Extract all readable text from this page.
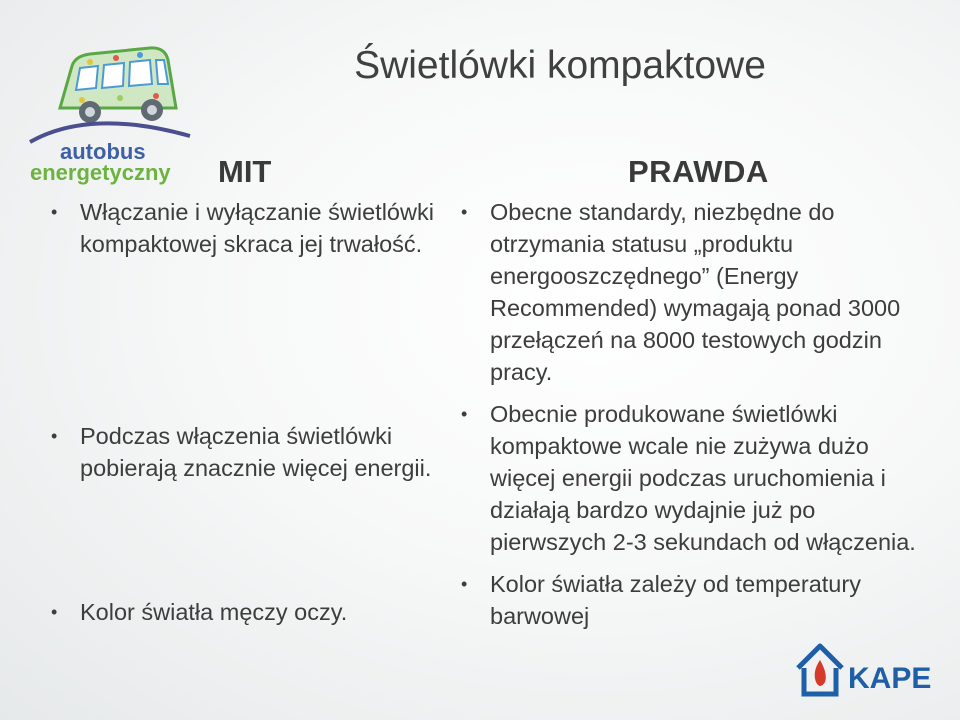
Świetlówki kompaktowe
autobus
energetyczny MIT	PRAWDA
• Włączanie i wyłączanie świetlówki kompaktowej skraca jej trwałość.
• Podczas włączenia świetlówki pobierają znacznie więcej energii.
• Kolor światła męczy oczy.
• Obecne standardy, niezbędne do otrzymania statusu „produktu energooszczędnego” (Energy Recommended) wymagają ponad 3000 przełączeń na 8000 testowych godzin pracy.
• Obecnie produkowane świetlówki kompaktowe wcale nie zużywa dużo więcej energii podczas uruchomienia i działają bardzo wydajnie już po pierwszych 2-3 sekundach od włączenia.
• Kolor światła zależy od temperatury barwowej
KAPE
